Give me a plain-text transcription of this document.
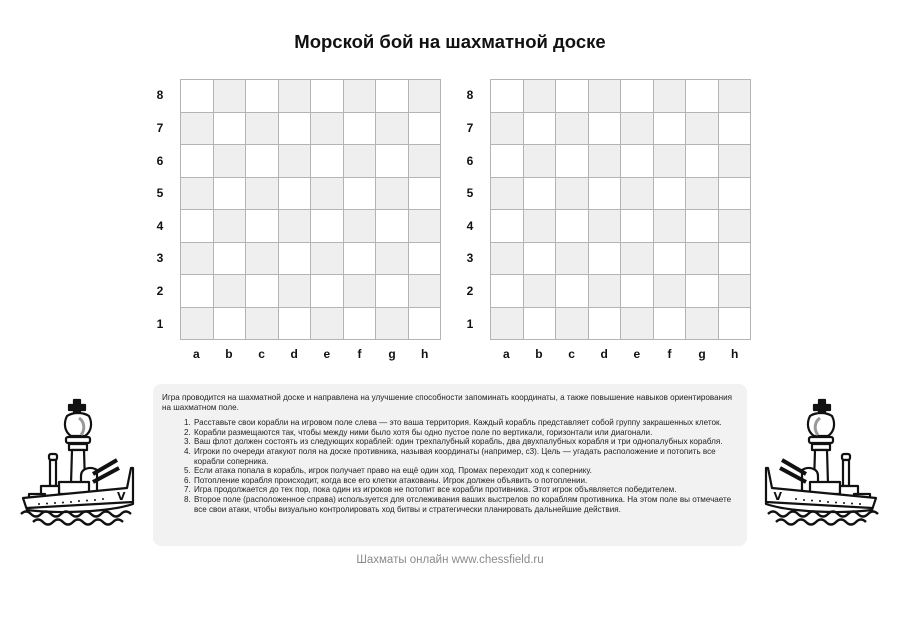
Морской бой на шахматной доске
8
7
6
5
4
3
2
1
a	b	c	d	e	f	g	h
8
7
6
5
4
3
2
1
a	b	c	d	e	f	g	h
V	V

Игра проводится на шахматной доске и направлена на улучшение способности запоминать координаты, а также повышение навыков ориентирования на шахматном поле.

1. Расставьте свои корабли на игровом поле слева — это ваша территория. Каждый корабль представляет собой группу закрашенных клеток.
2. Корабли размещаются так, чтобы между ними было хотя бы одно пустое поле по вертикали, горизонтали или диагонали.
3. Ваш флот должен состоять из следующих кораблей: один трехпалубный корабль, два двухпалубных корабля и три однопалубных корабля.
4. Игроки по очереди атакуют поля на доске противника, называя координаты (например, c3). Цель — угадать расположение и потопить все корабли соперника.
5. Если атака попала в корабль, игрок получает право на ещё один ход. Промах переходит ход к сопернику.
6. Потопление корабля происходит, когда все его клетки атакованы. Игрок должен объявить о потоплении.
7. Игра продолжается до тех пор, пока один из игроков не потопит все корабли противника. Этот игрок объявляется победителем.
8. Второе поле (расположенное справа) используется для отслеживания ваших выстрелов по кораблям противника. На этом поле вы отмечаете все свои атаки, чтобы визуально контролировать ход битвы и стратегически планировать дальнейшие действия.
Шахматы онлайн www.chessfield.ru
